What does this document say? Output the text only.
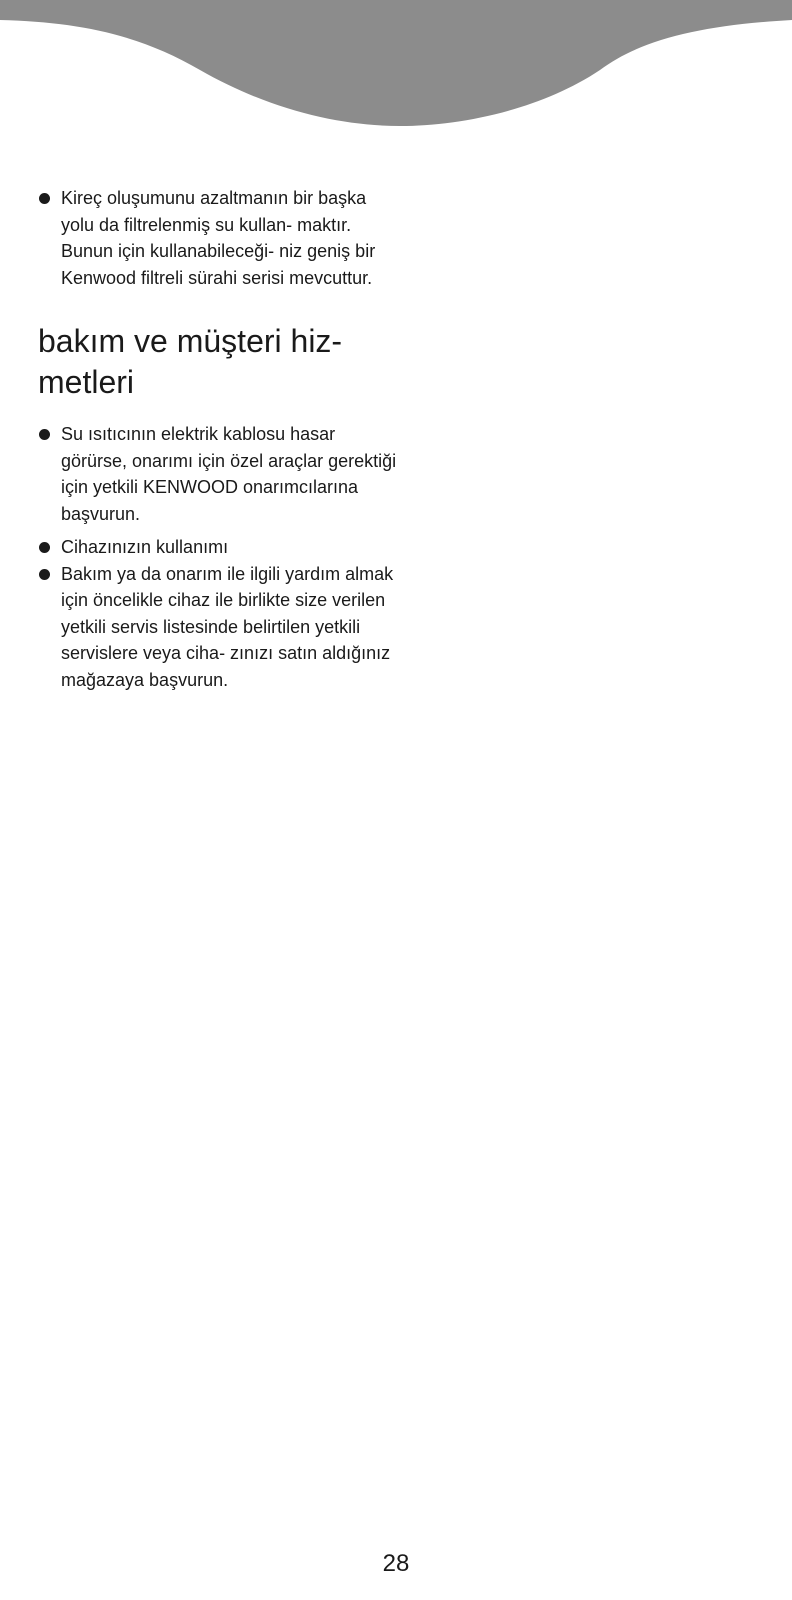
Kireç oluşumunu azaltmanın bir başka yolu da filtrelenmiş su kullan- maktır. Bunun için kullanabileceği- niz geniş bir Kenwood filtreli sürahi serisi mevcuttur.
bakım ve müşteri hiz- metleri
Su ısıtıcının elektrik kablosu hasar görürse, onarımı için özel araçlar gerektiği için yetkili KENWOOD onarımcılarına başvurun.
Cihazınızın kullanımı
Bakım ya da onarım ile ilgili yardım almak için öncelikle cihaz ile birlikte size verilen yetkili servis listesinde belirtilen yetkili servislere veya ciha- zınızı satın aldığınız mağazaya başvurun.
28
